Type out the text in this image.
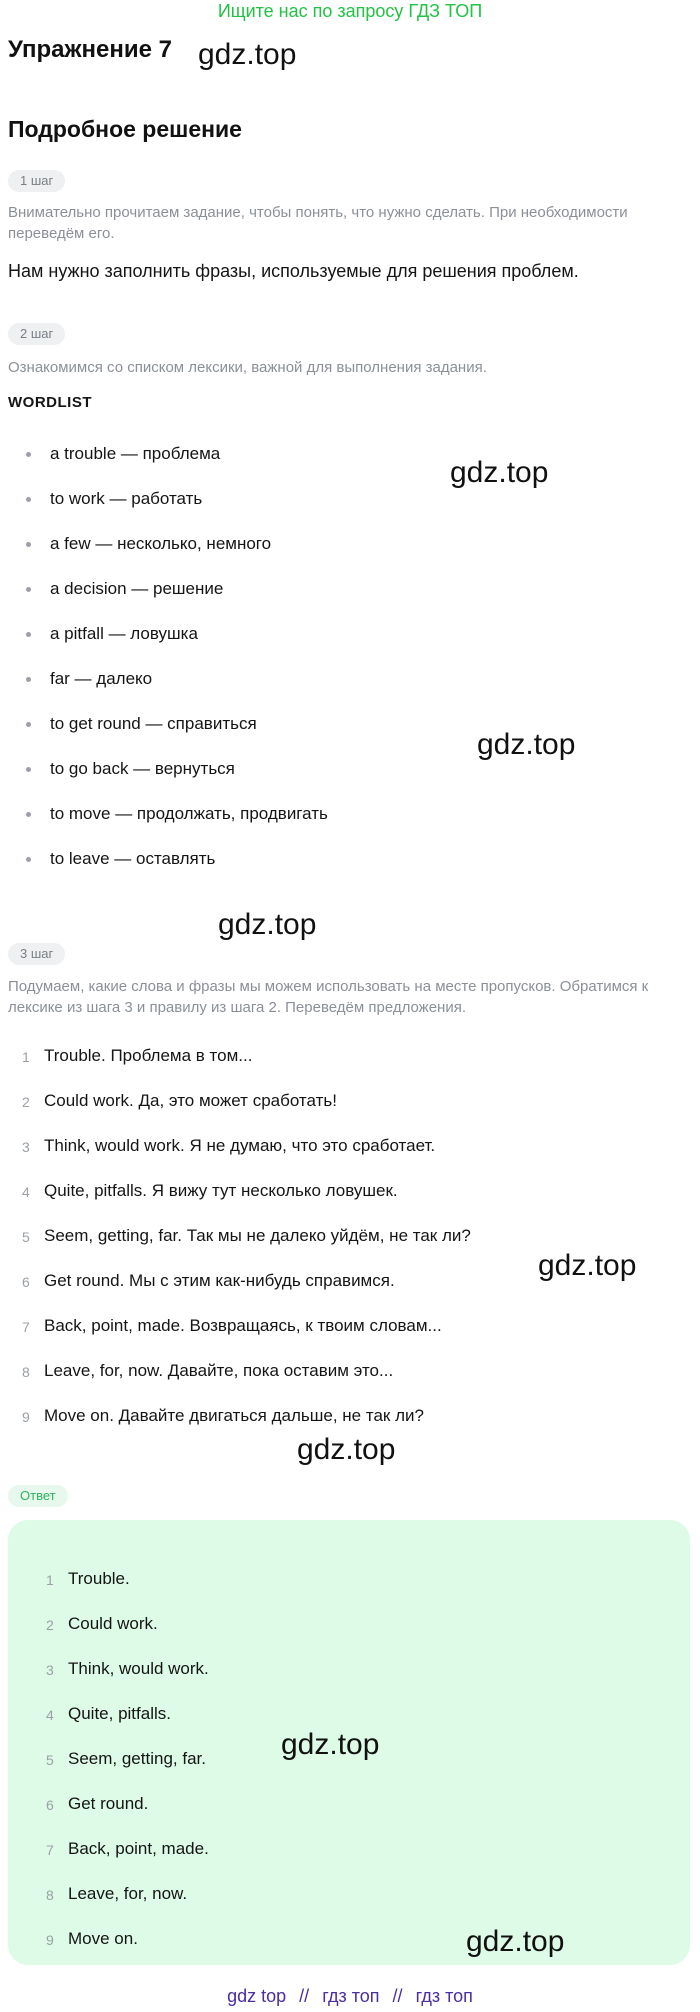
Ищите нас по запросу ГДЗ ТОП
Упражнение 7 gdz.top
Подробное решение
1 шаг
Внимательно прочитаем задание, чтобы понять, что нужно сделать. При необходимости переведём его.
Нам нужно заполнить фразы, используемые для решения проблем.
2 шаг
Ознакомимся со списком лексики, важной для выполнения задания.
WORDLIST
a trouble — проблема
to work — работать
a few — несколько, немного
a decision — решение
a pitfall — ловушка
far — далеко
to get round — справиться
to go back — вернуться
to move — продолжать, продвигать
to leave — оставлять
gdz.top
gdz.top
gdz.top
3 шаг
Подумаем, какие слова и фразы мы можем использовать на месте пропусков. Обратимся к лексике из шага 3 и правилу из шага 2. Переведём предложения.
1 Trouble. Проблема в том...
2 Could work. Да, это может сработать!
3 Think, would work. Я не думаю, что это сработает.
4 Quite, pitfalls. Я вижу тут несколько ловушек.
5 Seem, getting, far. Так мы не далеко уйдём, не так ли?
6 Get round. Мы с этим как-нибудь справимся.
7 Back, point, made. Возвращаясь, к твоим словам...
8 Leave, for, now. Давайте, пока оставим это...
9 Move on. Давайте двигаться дальше, не так ли?
gdz.top
gdz.top
Ответ
1 Trouble.
2 Could work.
3 Think, would work.
4 Quite, pitfalls.
5 Seem, getting, far.
6 Get round.
7 Back, point, made.
8 Leave, for, now.
9 Move on.
gdz.top
gdz.top
gdz top // гдз топ // гдз топ
